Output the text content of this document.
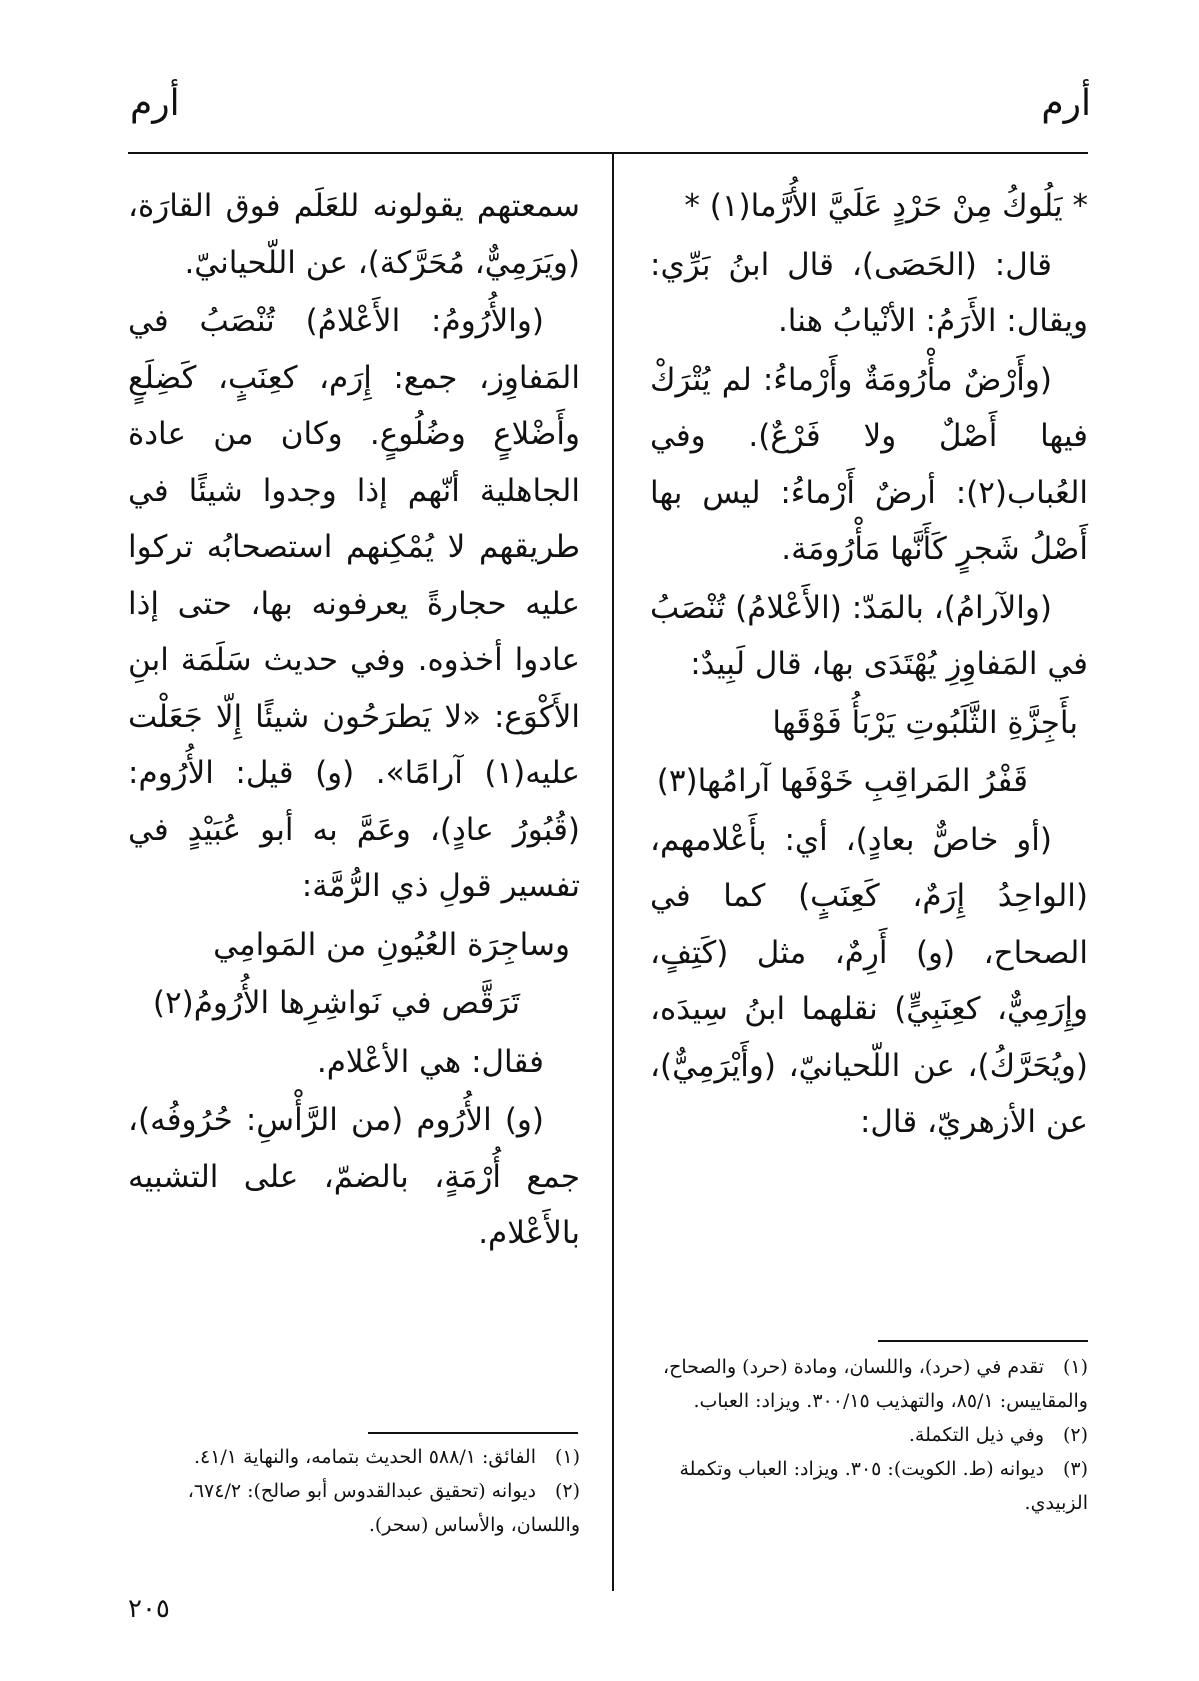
أرم
أرم

* يَلُوكُ مِنْ حَرْدٍ عَلَيَّ الأُرَّما(١) *

قال: (الحَصَى)، قال ابنُ بَرِّي: ويقال: الأَرَمُ: الأنْيابُ هنا.

(وأَرْضٌ مأْرُومَةٌ وأَرْماءُ: لم يُتْرَكْ فيها أَصْلٌ ولا فَرْعٌ). وفي العُباب(٢): أرضٌ أَرْماءُ: ليس بها أَصْلُ شَجرٍ كَأَنَّها مَأْرُومَة.

(والآرامُ)، بالمَدّ: (الأَعْلامُ) تُنْصَبُ في المَفاوِزِ يُهْتَدَى بها، قال لَبِيدٌ:

بأَجِزَّةِ الثَّلَبُوتِ يَرْبَأُ فَوْقَها

قَفْرُ المَراقِبِ خَوْفَها آرامُها(٣)

(أو خاصٌّ بعادٍ)، أي: بأَعْلامهم، (الواحِدُ إِرَمٌ، كَعِنَبٍ) كما في الصحاح، (و) أَرِمٌ، مثل (كَتِفٍ، وإِرَمِيٌّ، كعِنَبِيٍّ) نقلهما ابنُ سِيدَه، (ويُحَرَّكُ)، عن اللّحيانيّ، (وأَيْرَمِيٌّ)، عن الأزهريّ، قال:

سمعتهم يقولونه للعَلَم فوق القارَة، (ويَرَمِيٌّ، مُحَرَّكة)، عن اللّحيانيّ.

(والأُرُومُ: الأَعْلامُ) تُنْصَبُ في المَفاوِز، جمع: إِرَم، كعِنَبٍ، كَضِلَعٍ وأَضْلاعٍ وضُلُوعٍ. وكان من عادة الجاهلية أنّهم إذا وجدوا شيئًا في طريقهم لا يُمْكِنهم استصحابُه تركوا عليه حجارةً يعرفونه بها، حتى إذا عادوا أخذوه. وفي حديث سَلَمَة ابنِ الأَكْوَع: «لا يَطرَحُون شيئًا إِلّا جَعَلْت عليه(١) آرامًا». (و) قيل: الأُرُوم: (قُبُورُ عادٍ)، وعَمَّ به أبو عُبَيْدٍ في تفسير قولِ ذي الرُّمَّة:

وساجِرَة العُيُونِ من المَوامِي

تَرَقَّص في نَواشِرِها الأُرُومُ(٢)

فقال: هي الأعْلام.

(و) الأُرُوم (من الرَّأْسِ: حُرُوفُه)، جمع أُرْمَةٍ، بالضمّ، على التشبيه بالأَعْلام.

(١)تقدم في (حرد)، واللسان، ومادة (حرد) والصحاح، والمقاييس: ٨٥/١، والتهذيب ٣٠٠/١٥. ويزاد: العباب.

(٢)وفي ذيل التكملة.

(٣)ديوانه (ط. الكويت): ٣٠٥. ويزاد: العباب وتكملة الزبيدي.

(١)الفائق: ٥٨٨/١ الحديث بتمامه، والنهاية ٤١/١.

(٢)ديوانه (تحقيق عبدالقدوس أبو صالح): ٦٧٤/٢، واللسان، والأساس (سحر).

٢٠٥
